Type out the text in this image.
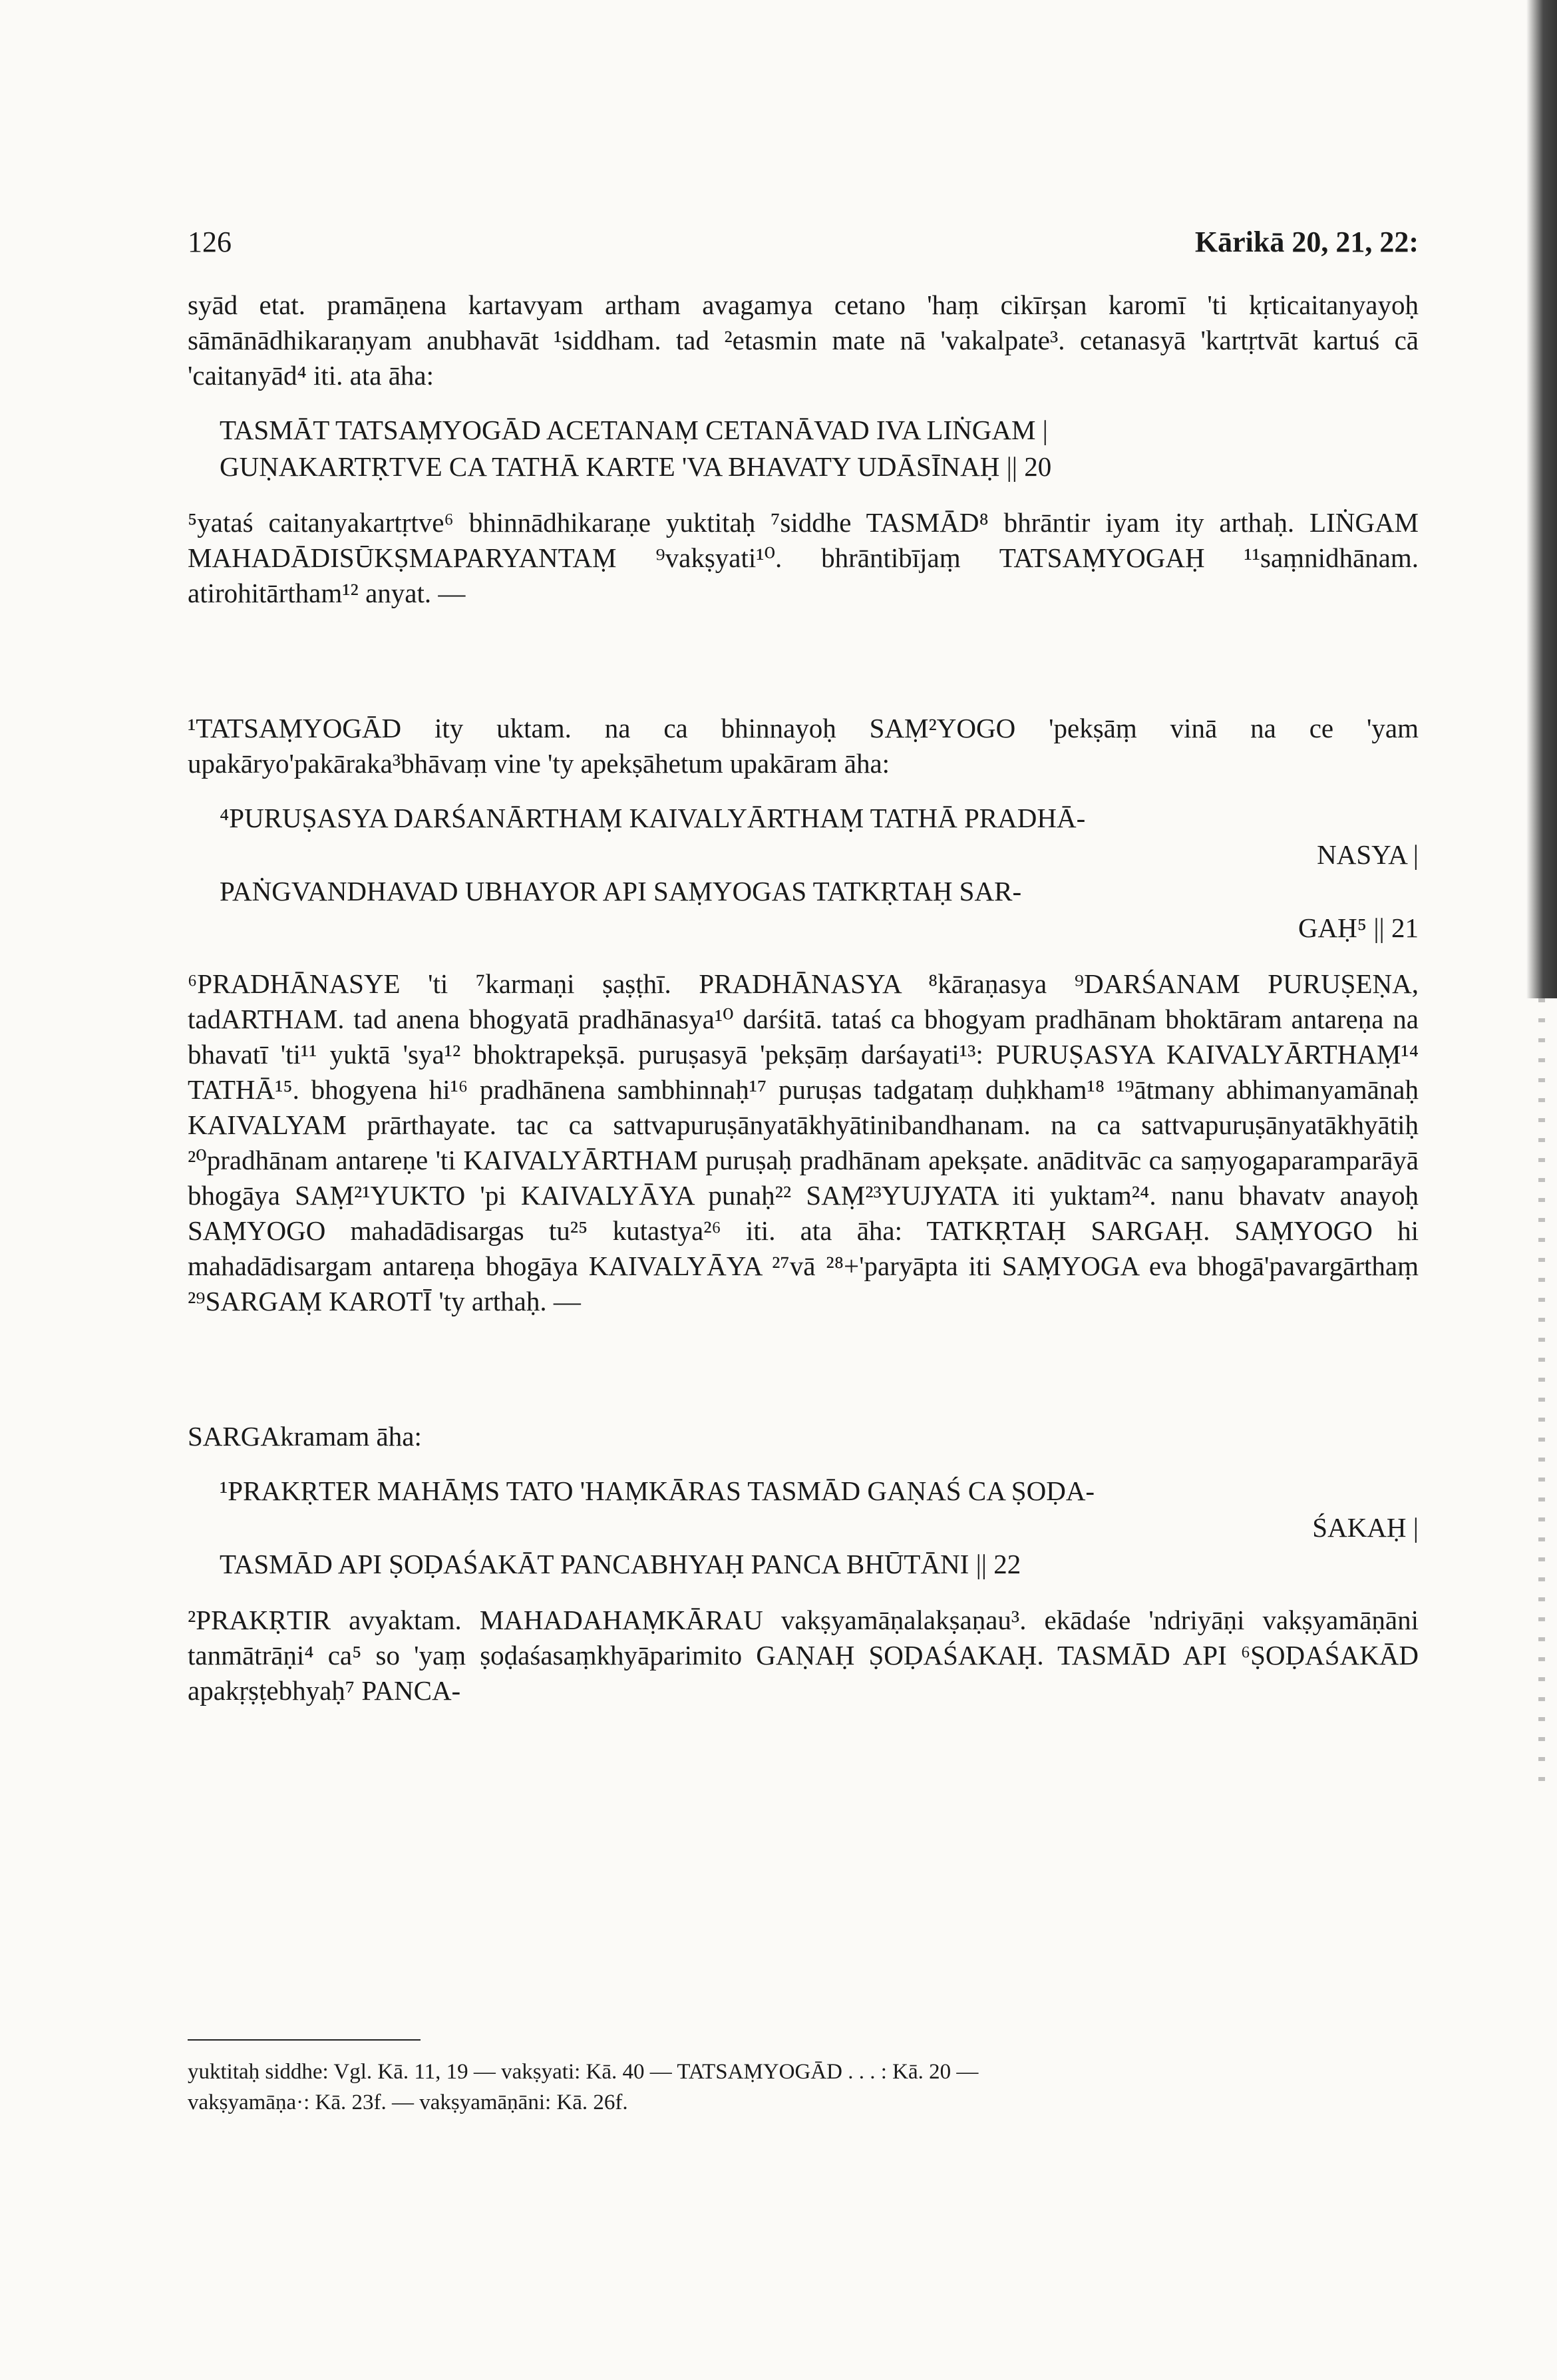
126	Kārikā 20, 21, 22:

syād etat. pramāṇena kartavyam artham avagamya cetano 'haṃ cikīrṣan karomī 'ti kṛticaitanyayoḥ sāmānādhikaraṇyam anubhavāt ¹siddham. tad ²etasmin mate nā 'vakalpate³. cetanasyā 'kartṛtvāt kartuś cā 'caitanyād⁴ iti. ata āha:

TASMĀT TATSAṂYOGĀD ACETANAṂ CETANĀVAD IVA LIṄGAM |
GUṆAKARTṚTVE CA TATHĀ KARTE 'VA BHAVATY UDĀSĪNAḤ || 20

⁵yataś caitanyakartṛtve⁶ bhinnādhikaraṇe yuktitaḥ ⁷siddhe TASMĀD⁸ bhrāntir iyam ity arthaḥ. LIṄGAM MAHADĀDISŪKṢMAPARYANTAṂ ⁹vakṣyati¹⁰. bhrāntibījaṃ TATSAṂYOGAḤ ¹¹saṃnidhānam. atirohitārtham¹² anyat. —

¹TATSAṂYOGĀD ity uktam. na ca bhinnayoḥ SAṂ²YOGO 'pekṣāṃ vinā na ce 'yam upakāryo'pakāraka³bhāvaṃ vine 'ty apekṣāhetum upakāram āha:

⁴PURUṢASYA DARŚANĀRTHAṂ KAIVALYĀRTHAṂ TATHĀ PRADHĀ-
NASYA |
PAṄGVANDHAVAD UBHAYOR API SAṂYOGAS TATKṚTAḤ SAR-
GAḤ⁵ || 21

⁶PRADHĀNASYE 'ti ⁷karmaṇi ṣaṣṭhī. PRADHĀNASYA ⁸kāraṇasya ⁹DARŚANAM PURUṢEṆA, tadARTHAM. tad anena bhogyatā pradhānasya¹⁰ darśitā. tataś ca bhogyam pradhānam bhoktāram antareṇa na bhavatī 'ti¹¹ yuktā 'sya¹² bhoktrapekṣā. puruṣasyā 'pekṣāṃ darśayati¹³: PURUṢASYA KAIVALYĀRTHAṂ¹⁴ TATHĀ¹⁵. bhogyena hi¹⁶ pradhānena sambhinnaḥ¹⁷ puruṣas tadgataṃ duḥkham¹⁸ ¹⁹ātmany abhimanyamānaḥ KAIVALYAM prārthayate. tac ca sattvapuruṣānyatākhyātinibandhanam. na ca sattvapuruṣānyatākhyātiḥ ²⁰pradhānam antareṇe 'ti KAIVALYĀRTHAM puruṣaḥ pradhānam apekṣate. anāditvāc ca saṃyogaparamparāyā bhogāya SAṂ²¹YUKTO 'pi KAIVALYĀYA punaḥ²² SAṂ²³YUJYATA iti yuktam²⁴. nanu bhavatv anayoḥ SAṂYOGO mahadādisargas tu²⁵ kutastya²⁶ iti. ata āha: TATKṚTAḤ SARGAḤ. SAṂYOGO hi mahadādisargam antareṇa bhogāya KAIVALYĀYA ²⁷vā ²⁸+'paryāpta iti SAṂYOGA eva bhogā'pavargārthaṃ ²⁹SARGAṂ KAROTĪ 'ty arthaḥ. —

SARGAkramam āha:

¹PRAKṚTER MAHĀṂS TATO 'HAṂKĀRAS TASMĀD GAṆAŚ CA ṢOḌA-
ŚAKAḤ |
TASMĀD API ṢOḌAŚAKĀT PANCABHYAḤ PANCA BHŪTĀNI || 22

²PRAKṚTIR avyaktam. MAHADAHAṂKĀRAU vakṣyamāṇalakṣaṇau³. ekādaśe 'ndriyāṇi vakṣyamāṇāni tanmātrāṇi⁴ ca⁵ so 'yaṃ ṣoḍaśasaṃkhyāparimito GAṆAḤ ṢOḌAŚAKAḤ. TASMĀD API ⁶ṢOḌAŚAKĀD apakṛṣṭebhyaḥ⁷ PANCA-

yuktitaḥ siddhe: Vgl. Kā. 11, 19 — vakṣyati: Kā. 40 — TATSAṂYOGĀD . . . : Kā. 20 —
vakṣyamāṇa·: Kā. 23f. — vakṣyamāṇāni: Kā. 26f.
